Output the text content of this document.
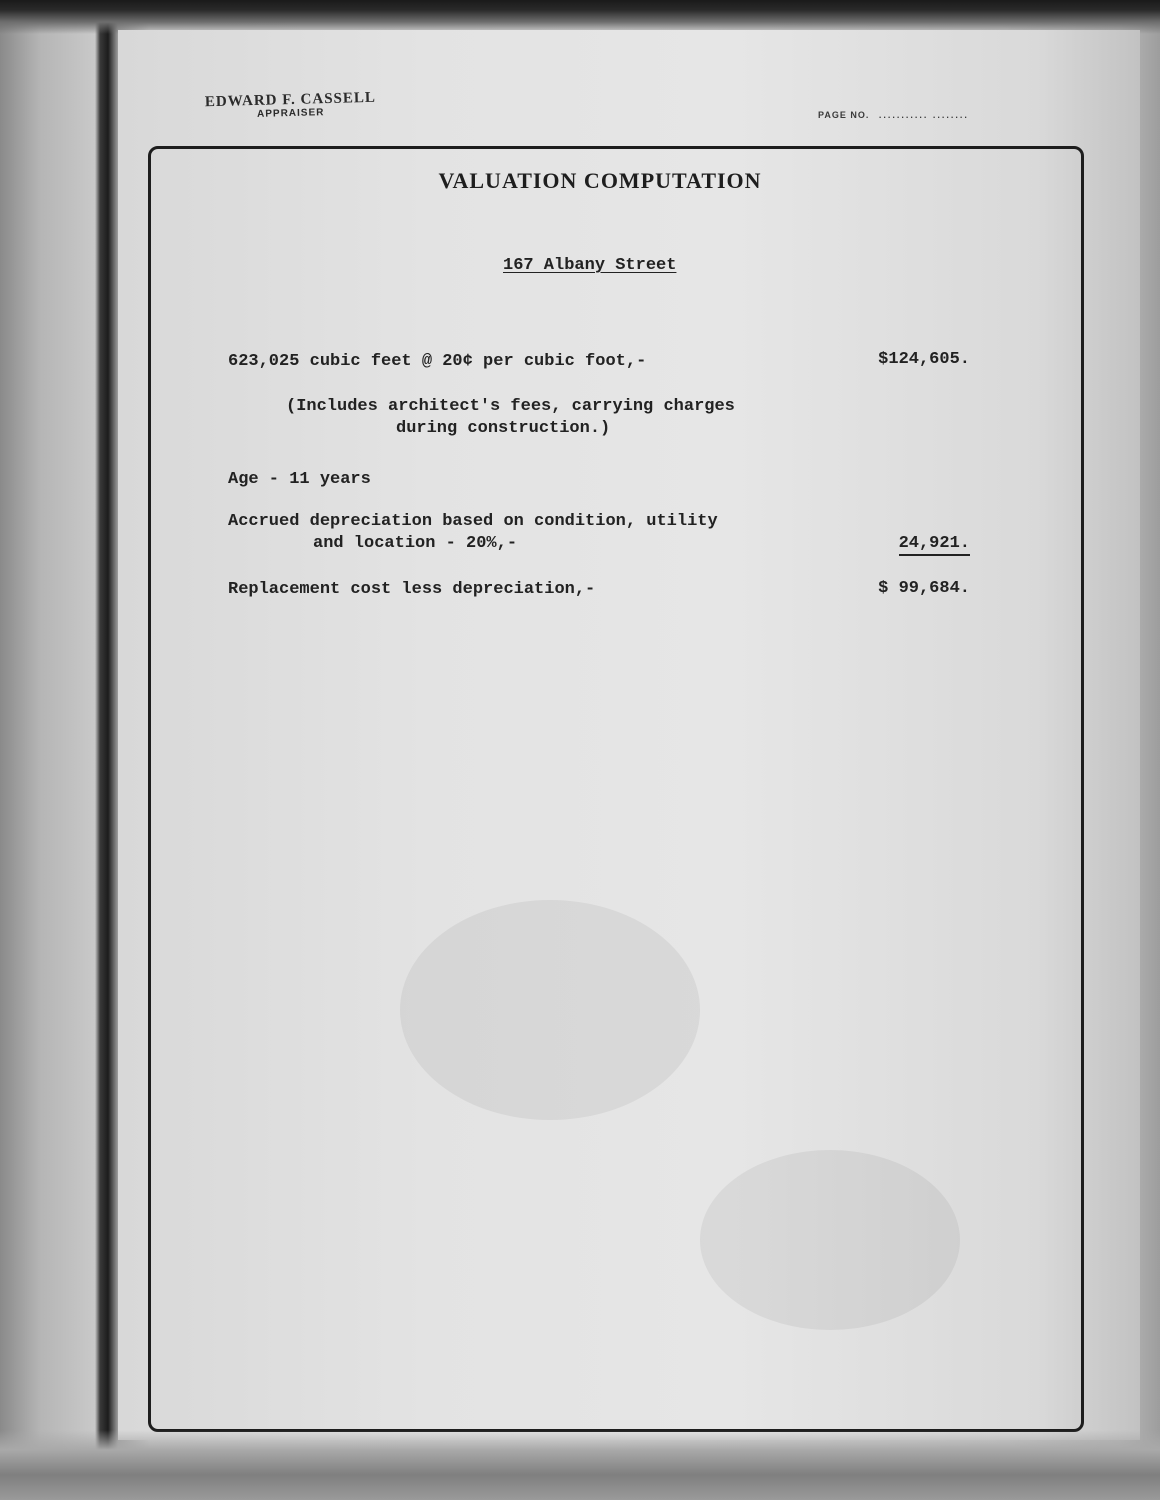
EDWARD F. CASSELL
APPRAISER	PAGE NO. ........... ........
VALUATION COMPUTATION
167 Albany Street
623,025 cubic feet @ 20¢ per cubic foot,-	$124,605.
(Includes architect's fees, carrying charges
during construction.)
Age - 11 years
Accrued depreciation based on condition, utility
and location - 20%,-	24,921.
Replacement cost less depreciation,-	$ 99,684.
